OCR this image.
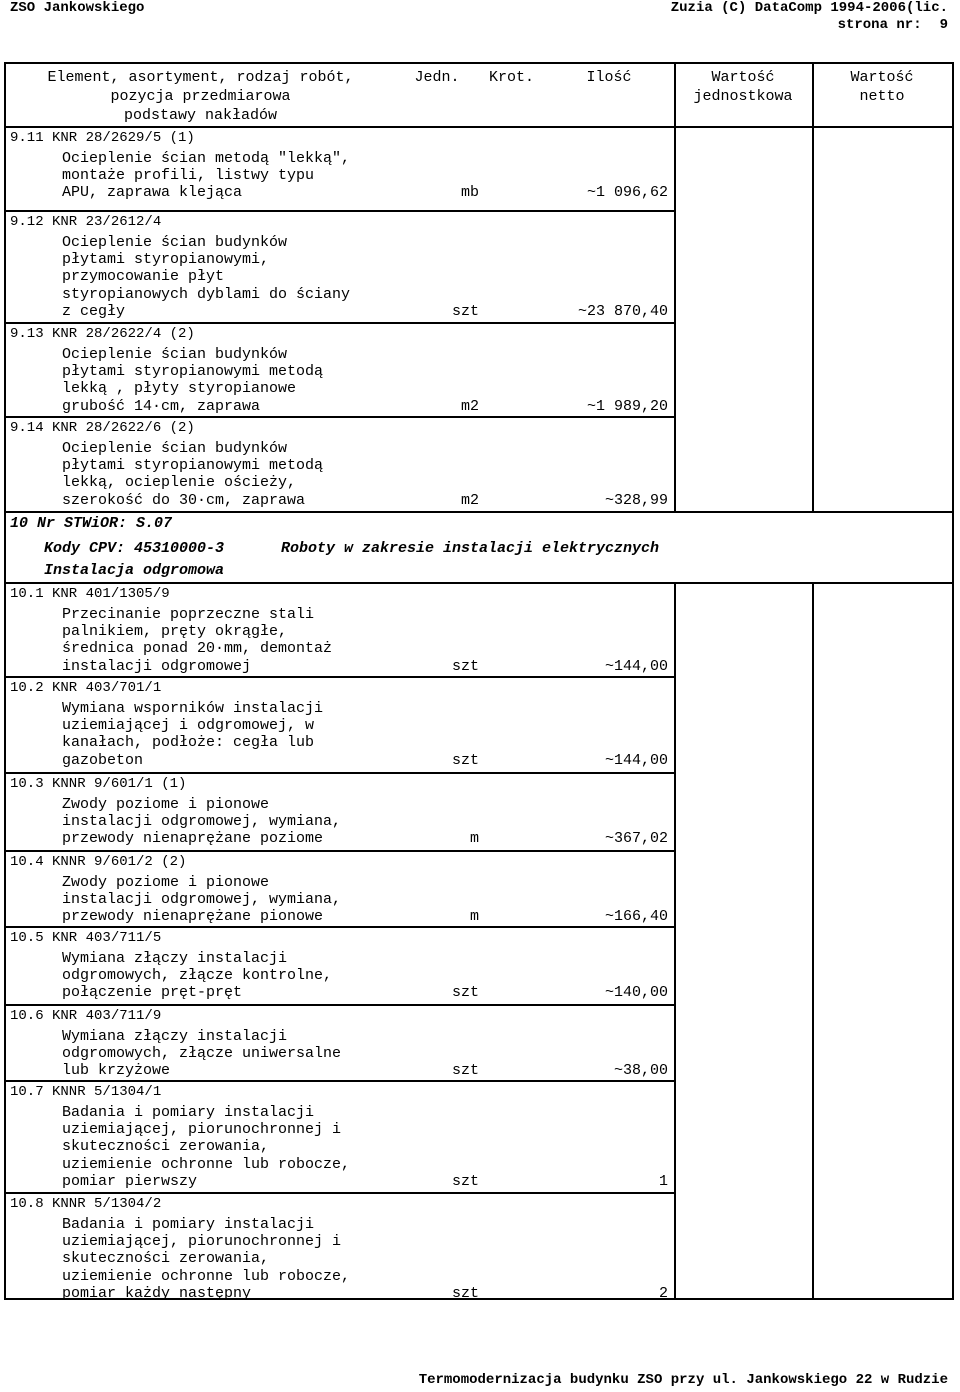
ZSO Jankowskiego	Zuzia (C) DataComp 1994-2006(lic.
strona nr: 9
Element, asortyment, rodzaj robót,
pozycja przedmiarowa
podstawy nakładów
Jedn.	Krot.	Ilość	Wartość
jednostkowa
Wartość
netto
9.11 KNR 28/2629/5 (1)
Ocieplenie ścian metodą "lekką",
montaże profili, listwy typu
APU, zaprawa klejąca	mb	~1 096,62
9.12 KNR 23/2612/4
Ocieplenie ścian budynków
płytami styropianowymi,
przymocowanie płyt
styropianowych dyblami do ściany
z cegły	szt	~23 870,40
9.13 KNR 28/2622/4 (2)
Ocieplenie ścian budynków
płytami styropianowymi metodą
lekką , płyty styropianowe
grubość 14·cm, zaprawa	m2	~1 989,20
9.14 KNR 28/2622/6 (2)
Ocieplenie ścian budynków
płytami styropianowymi metodą
lekką, ocieplenie ościeży,
szerokość do 30·cm, zaprawa	m2	~328,99
10 Nr STWiOR: S.07
Kody CPV: 45310000-3	Roboty w zakresie instalacji elektrycznych
Instalacja odgromowa
10.1 KNR 401/1305/9
Przecinanie poprzeczne stali
palnikiem, pręty okrągłe,
średnica ponad 20·mm, demontaż
instalacji odgromowej	szt	~144,00
10.2 KNR 403/701/1
Wymiana wsporników instalacji
uziemiającej i odgromowej, w
kanałach, podłoże: cegła lub
gazobeton	szt	~144,00
10.3 KNNR 9/601/1 (1)
Zwody poziome i pionowe
instalacji odgromowej, wymiana,
przewody nienaprężane poziome	m	~367,02
10.4 KNNR 9/601/2 (2)
Zwody poziome i pionowe
instalacji odgromowej, wymiana,
przewody nienaprężane pionowe	m	~166,40
10.5 KNR 403/711/5
Wymiana złączy instalacji
odgromowych, złącze kontrolne,
połączenie pręt-pręt	szt	~140,00
10.6 KNR 403/711/9
Wymiana złączy instalacji
odgromowych, złącze uniwersalne
lub krzyżowe	szt	~38,00
10.7 KNNR 5/1304/1
Badania i pomiary instalacji
uziemiającej, piorunochronnej i
skuteczności zerowania,
uziemienie ochronne lub robocze,
pomiar pierwszy	szt	1
10.8 KNNR 5/1304/2
Badania i pomiary instalacji
uziemiającej, piorunochronnej i
skuteczności zerowania,
uziemienie ochronne lub robocze,
pomiar każdy następny	szt	2
Termomodernizacja budynku ZSO przy ul. Jankowskiego 22 w Rudzie
